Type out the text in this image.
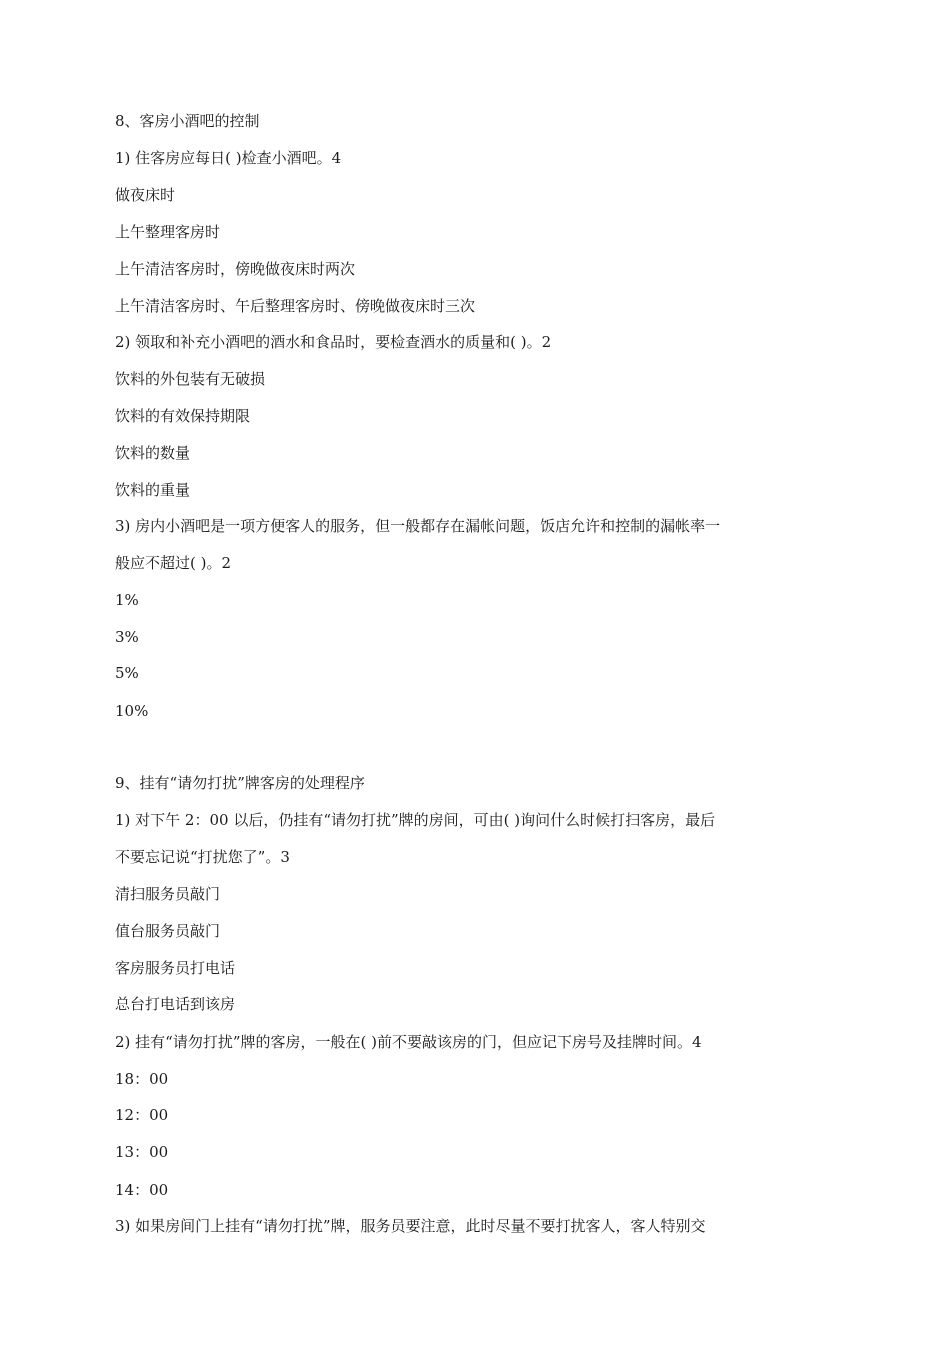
8、客房小酒吧的控制
1) 住客房应每日( )检查小酒吧。4
做夜床时
上午整理客房时
上午清洁客房时，傍晚做夜床时两次
上午清洁客房时、午后整理客房时、傍晚做夜床时三次
2) 领取和补充小酒吧的酒水和食品时，要检查酒水的质量和( )。2
饮料的外包装有无破损
饮料的有效保持期限
饮料的数量
饮料的重量
3) 房内小酒吧是一项方便客人的服务，但一般都存在漏帐问题，饭店允许和控制的漏帐率一
般应不超过( )。2
1%
3%
5%
10%
9、挂有“请勿打扰”牌客房的处理程序
1) 对下午 2：00 以后，仍挂有“请勿打扰”牌的房间，可由( )询问什么时候打扫客房，最后
不要忘记说“打扰您了”。3
清扫服务员敲门
值台服务员敲门
客房服务员打电话
总台打电话到该房
2) 挂有“请勿打扰”牌的客房，一般在( )前不要敲该房的门，但应记下房号及挂牌时间。4
18：00
12：00
13：00
14：00
3) 如果房间门上挂有“请勿打扰”牌，服务员要注意，此时尽量不要打扰客人，客人特别交
